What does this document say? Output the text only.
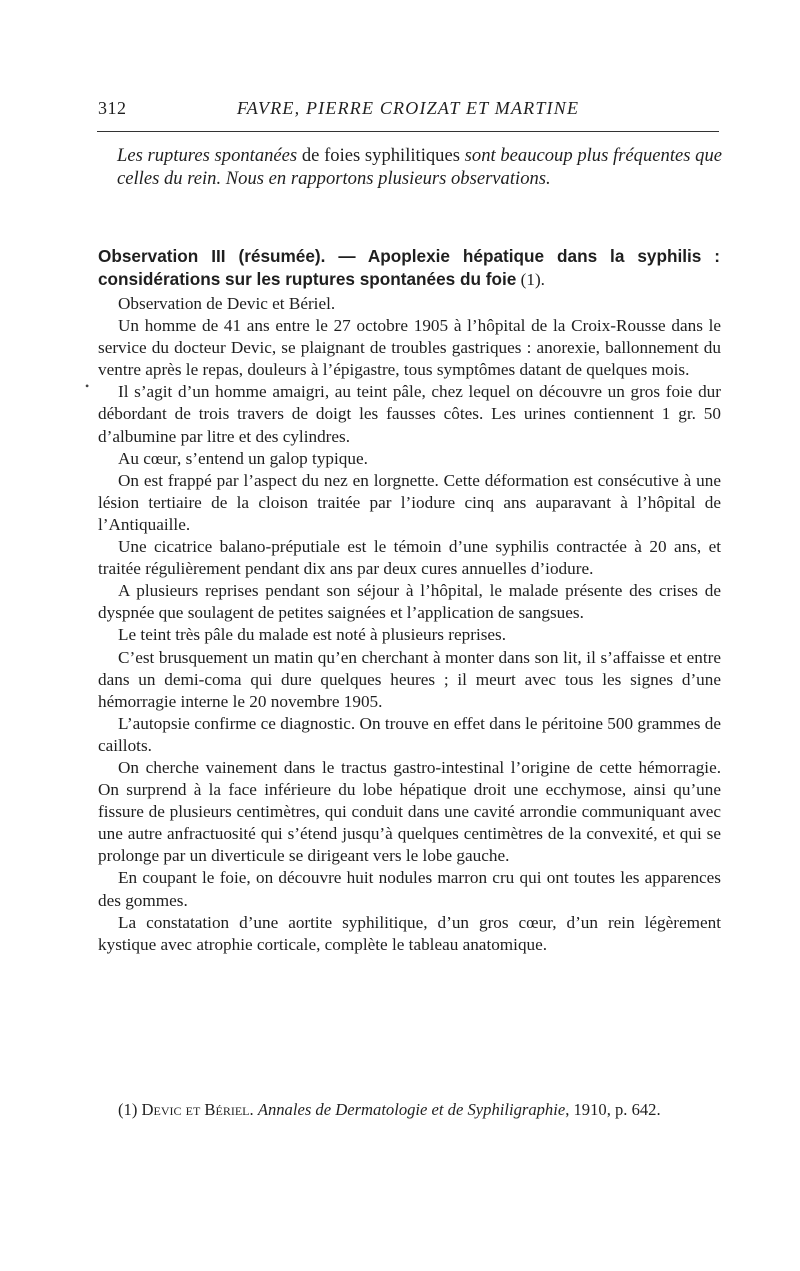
312	FAVRE, PIERRE CROIZAT ET MARTINE

Les ruptures spontanées de foies syphilitiques sont beaucoup plus fréquentes que celles du rein. Nous en rapportons plusieurs observations.

Observation III (résumée). — Apoplexie hépatique dans la syphilis : considérations sur les ruptures spontanées du foie (1).
•

Observation de Devic et Bériel.

Un homme de 41 ans entre le 27 octobre 1905 à l’hôpital de la Croix-Rousse dans le service du docteur Devic, se plaignant de troubles gastriques : anorexie, ballonnement du ventre après le repas, douleurs à l’épigastre, tous symptômes datant de quelques mois.

Il s’agit d’un homme amaigri, au teint pâle, chez lequel on découvre un gros foie dur débordant de trois travers de doigt les fausses côtes. Les urines contiennent 1 gr. 50 d’albumine par litre et des cylindres.

Au cœur, s’entend un galop typique.

On est frappé par l’aspect du nez en lorgnette. Cette déformation est consécutive à une lésion tertiaire de la cloison traitée par l’iodure cinq ans auparavant à l’hôpital de l’Antiquaille.

Une cicatrice balano-préputiale est le témoin d’une syphilis contractée à 20 ans, et traitée régulièrement pendant dix ans par deux cures annuelles d’iodure.

A plusieurs reprises pendant son séjour à l’hôpital, le malade présente des crises de dyspnée que soulagent de petites saignées et l’application de sangsues.

Le teint très pâle du malade est noté à plusieurs reprises.

C’est brusquement un matin qu’en cherchant à monter dans son lit, il s’affaisse et entre dans un demi-coma qui dure quelques heures ; il meurt avec tous les signes d’une hémorragie interne le 20 novembre 1905.

L’autopsie confirme ce diagnostic. On trouve en effet dans le péritoine 500 grammes de caillots.

On cherche vainement dans le tractus gastro-intestinal l’origine de cette hémorragie. On surprend à la face inférieure du lobe hépatique droit une ecchymose, ainsi qu’une fissure de plusieurs centimètres, qui conduit dans une cavité arrondie communiquant avec une autre anfractuosité qui s’étend jusqu’à quelques centimètres de la convexité, et qui se prolonge par un diverticule se dirigeant vers le lobe gauche.

En coupant le foie, on découvre huit nodules marron cru qui ont toutes les apparences des gommes.

La constatation d’une aortite syphilitique, d’un gros cœur, d’un rein légèrement kystique avec atrophie corticale, complète le tableau anatomique.

(1) Devic et Bériel. Annales de Dermatologie et de Syphiligraphie, 1910, p. 642.
